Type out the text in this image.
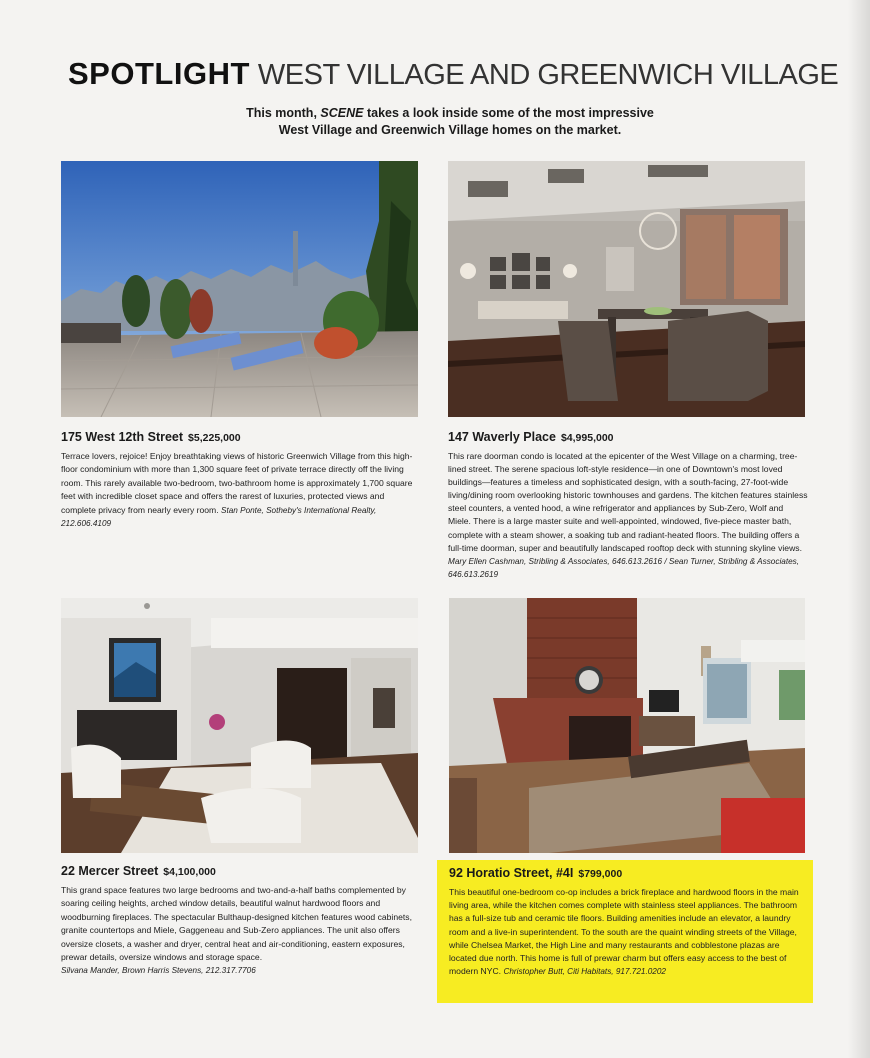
SPOTLIGHT WEST VILLAGE AND GREENWICH VILLAGE
This month, SCENE takes a look inside some of the most impressive
West Village and Greenwich Village homes on the market.
175 West 12th Street $5,225,000
Terrace lovers, rejoice! Enjoy breathtaking views of historic Greenwich Village from this high-floor condominium with more than 1,300 square feet of private terrace directly off the living room. This rarely available two-bedroom, two-bathroom home is approximately 1,700 square feet with incredible closet space and offers the rarest of luxuries, protected views and complete privacy from nearly every room. Stan Ponte, Sotheby's International Realty, 212.606.4109
147 Waverly Place $4,995,000
This rare doorman condo is located at the epicenter of the West Village on a charming, tree-lined street. The serene spacious loft-style residence—in one of Downtown's most loved buildings—features a timeless and sophisticated design, with a south-facing, 27-foot-wide living/dining room overlooking historic townhouses and gardens. The kitchen features stainless steel counters, a vented hood, a wine refrigerator and appliances by Sub-Zero, Wolf and Miele. There is a large master suite and well-appointed, windowed, five-piece master bath, complete with a steam shower, a soaking tub and radiant-heated floors. The building offers a full-time doorman, super and beautifully landscaped rooftop deck with stunning skyline views. Mary Ellen Cashman, Stribling & Associates, 646.613.2616 / Sean Turner, Stribling & Associates, 646.613.2619
22 Mercer Street $4,100,000
This grand space features two large bedrooms and two-and-a-half baths complemented by soaring ceiling heights, arched window details, beautiful walnut hardwood floors and woodburning fireplaces. The spectacular Bulthaup-designed kitchen features wood cabinets, granite countertops and Miele, Gaggeneau and Sub-Zero appliances. The unit also offers oversize closets, a washer and dryer, central heat and air-conditioning, eastern exposures, prewar details, oversize windows and storage space.
Silvana Mander, Brown Harris Stevens, 212.317.7706
92 Horatio Street, #4I $799,000
This beautiful one-bedroom co-op includes a brick fireplace and hardwood floors in the main living area, while the kitchen comes complete with stainless steel appliances. The bathroom has a full-size tub and ceramic tile floors. Building amenities include an elevator, a laundry room and a live-in superintendent. To the south are the quaint winding streets of the Village, while Chelsea Market, the High Line and many restaurants and cobblestone plazas are located due north. This home is full of prewar charm but offers easy access to the best of modern NYC. Christopher Butt, Citi Habitats, 917.721.0202
